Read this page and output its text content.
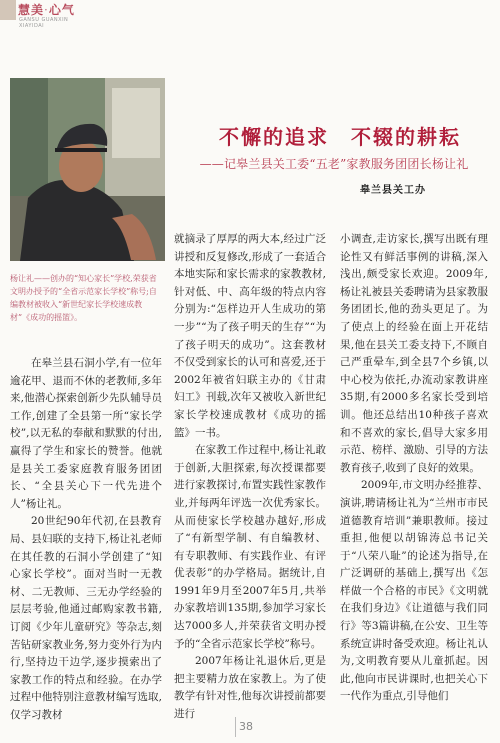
慧美·心气
GANSU GUANXIN
XIAYIDAI
杨让礼——创办的“知心家长”学校,荣获省文明办授予的“全省示范家长学校”称号;自编教材被收入“新世纪家长学校速成教材”《成功的摇篮》。
不懈的追求　不辍的耕耘
——记皋兰县关工委“五老”家教服务团团长杨让礼
皋兰县关工办

在皋兰县石洞小学,有一位年逾花甲、退而不休的老教师,多年来,他潜心探索创新少先队辅导员工作,创建了全县第一所“家长学校”,以无私的奉献和默默的付出,赢得了学生和家长的赞誉。他就是县关工委家庭教育服务团团长、“全县关心下一代先进个人”杨让礼。

20世纪90年代初,在县教育局、县妇联的支持下,杨让礼老师在其任教的石洞小学创建了“知心家长学校”。面对当时一无教材、二无教师、三无办学经验的层层考验,他通过邮购家教书籍,订阅《少年儿童研究》等杂志,刻苦钻研家教业务,努力变外行为内行,坚持边干边学,逐步摸索出了家教工作的特点和经验。在办学过程中他特别注意教材编写选取,仅学习教材

就摘录了厚厚的两大本,经过广泛讲授和反复修改,形成了一套适合本地实际和家长需求的家教教材,针对低、中、高年级的特点内容分别为:“怎样边开人生成功的第一步”“为了孩子明天的生存”“为了孩子明天的成功”。这套教材不仅受到家长的认可和喜爱,还于2002年被省妇联主办的《甘肃妇工》刊载,次年又被收入新世纪家长学校速成教材《成功的摇篮》一书。

在家教工作过程中,杨让礼敢于创新,大胆探索,每次授课都要进行家教探讨,布置实践性家教作业,并每两年评选一次优秀家长。从而使家长学校越办越好,形成了“有新型学制、有自编教材、有专职教师、有实践作业、有评优表彰”的办学格局。据统计,自1991年9月至2007年5月,共举办家教培训135期,参加学习家长达7000多人,并荣获省文明办授予的“全省示范家长学校”称号。

2007年杨让礼退休后,更是把主要精力放在家教上。为了使教学有针对性,他每次讲授前都要进行

小调查,走访家长,撰写出既有理论性又有鲜活事例的讲稿,深入浅出,颇受家长欢迎。2009年,杨让礼被县关委聘请为县家教服务团团长,他的劲头更足了。为了使点上的经验在面上开花结果,他在县关工委支持下,不顾自己严重晕车,到全县7个乡镇,以中心校为依托,办流动家教讲座35期,有2000多名家长受到培训。他还总结出10种孩子喜欢和不喜欢的家长,倡导大家多用示范、榜样、激励、引导的方法教育孩子,收到了良好的效果。

2009年,市文明办经推荐、演讲,聘请杨让礼为“兰州市市民道德教育培训”兼职教师。接过重担,他便以胡锦涛总书记关于“八荣八耻”的论述为指导,在广泛调研的基础上,撰写出《怎样做一个合格的市民》《文明就在我们身边》《让道德与我们同行》等3篇讲稿,在公安、卫生等系统宣讲时备受欢迎。杨让礼认为,文明教育要从儿童抓起。因此,他向市民讲课时,也把关心下一代作为重点,引导他们

38
